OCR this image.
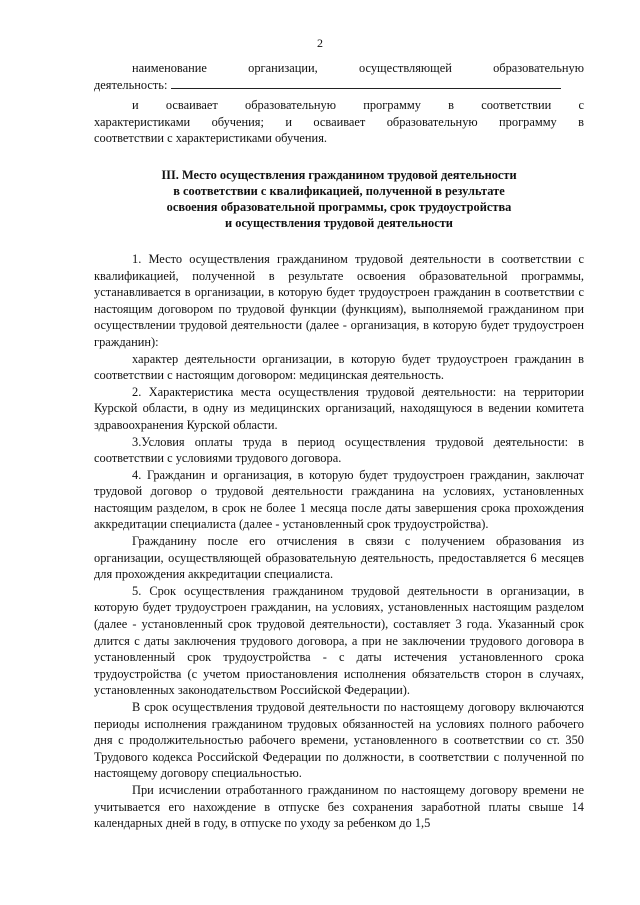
2

наименование организации, осуществляющей образовательную

деятельность:

и осваивает образовательную программу в соответствии с

характеристиками обучения; и осваивает образовательную программу в

соответствии с характеристиками обучения.

III. Место осуществления гражданином трудовой деятельности
в соответствии с квалификацией, полученной в результате
освоения образовательной программы, срок трудоустройства
и осуществления трудовой деятельности

1. Место осуществления гражданином трудовой деятельности в соответствии с квалификацией, полученной в результате освоения образовательной программы, устанавливается в организации, в которую будет трудоустроен гражданин в соответствии с настоящим договором по трудовой функции (функциям), выполняемой гражданином при осуществлении трудовой деятельности (далее - организация, в которую будет трудоустроен гражданин):

характер деятельности организации, в которую будет трудоустроен гражданин в соответствии с настоящим договором: медицинская деятельность.

2. Характеристика места осуществления трудовой деятельности: на территории Курской области, в одну из медицинских организаций, находящуюся в ведении комитета здравоохранения Курской области.

3.Условия оплаты труда в период осуществления трудовой деятельности: в соответствии с условиями трудового договора.

4. Гражданин и организация, в которую будет трудоустроен гражданин, заключат трудовой договор о трудовой деятельности гражданина на условиях, установленных настоящим разделом, в срок не более 1 месяца после даты завершения срока прохождения аккредитации специалиста (далее - установленный срок трудоустройства).

Гражданину после его отчисления в связи с получением образования из организации, осуществляющей образовательную деятельность, предоставляется 6 месяцев для прохождения аккредитации специалиста.

5. Срок осуществления гражданином трудовой деятельности в организации, в которую будет трудоустроен гражданин, на условиях, установленных настоящим разделом (далее - установленный срок трудовой деятельности), составляет 3 года. Указанный срок длится с даты заключения трудового договора, а при не заключении трудового договора в установленный срок трудоустройства - с даты истечения установленного срока трудоустройства (с учетом приостановления исполнения обязательств сторон в случаях, установленных законодательством Российской Федерации).

В срок осуществления трудовой деятельности по настоящему договору включаются периоды исполнения гражданином трудовых обязанностей на условиях полного рабочего дня с продолжительностью рабочего времени, установленного в соответствии со ст. 350 Трудового кодекса Российской Федерации по должности, в соответствии с полученной по настоящему договору специальностью.

При исчислении отработанного гражданином по настоящему договору времени не учитывается его нахождение в отпуске без сохранения заработной платы свыше 14 календарных дней в году, в отпуске по уходу за ребенком до 1,5
